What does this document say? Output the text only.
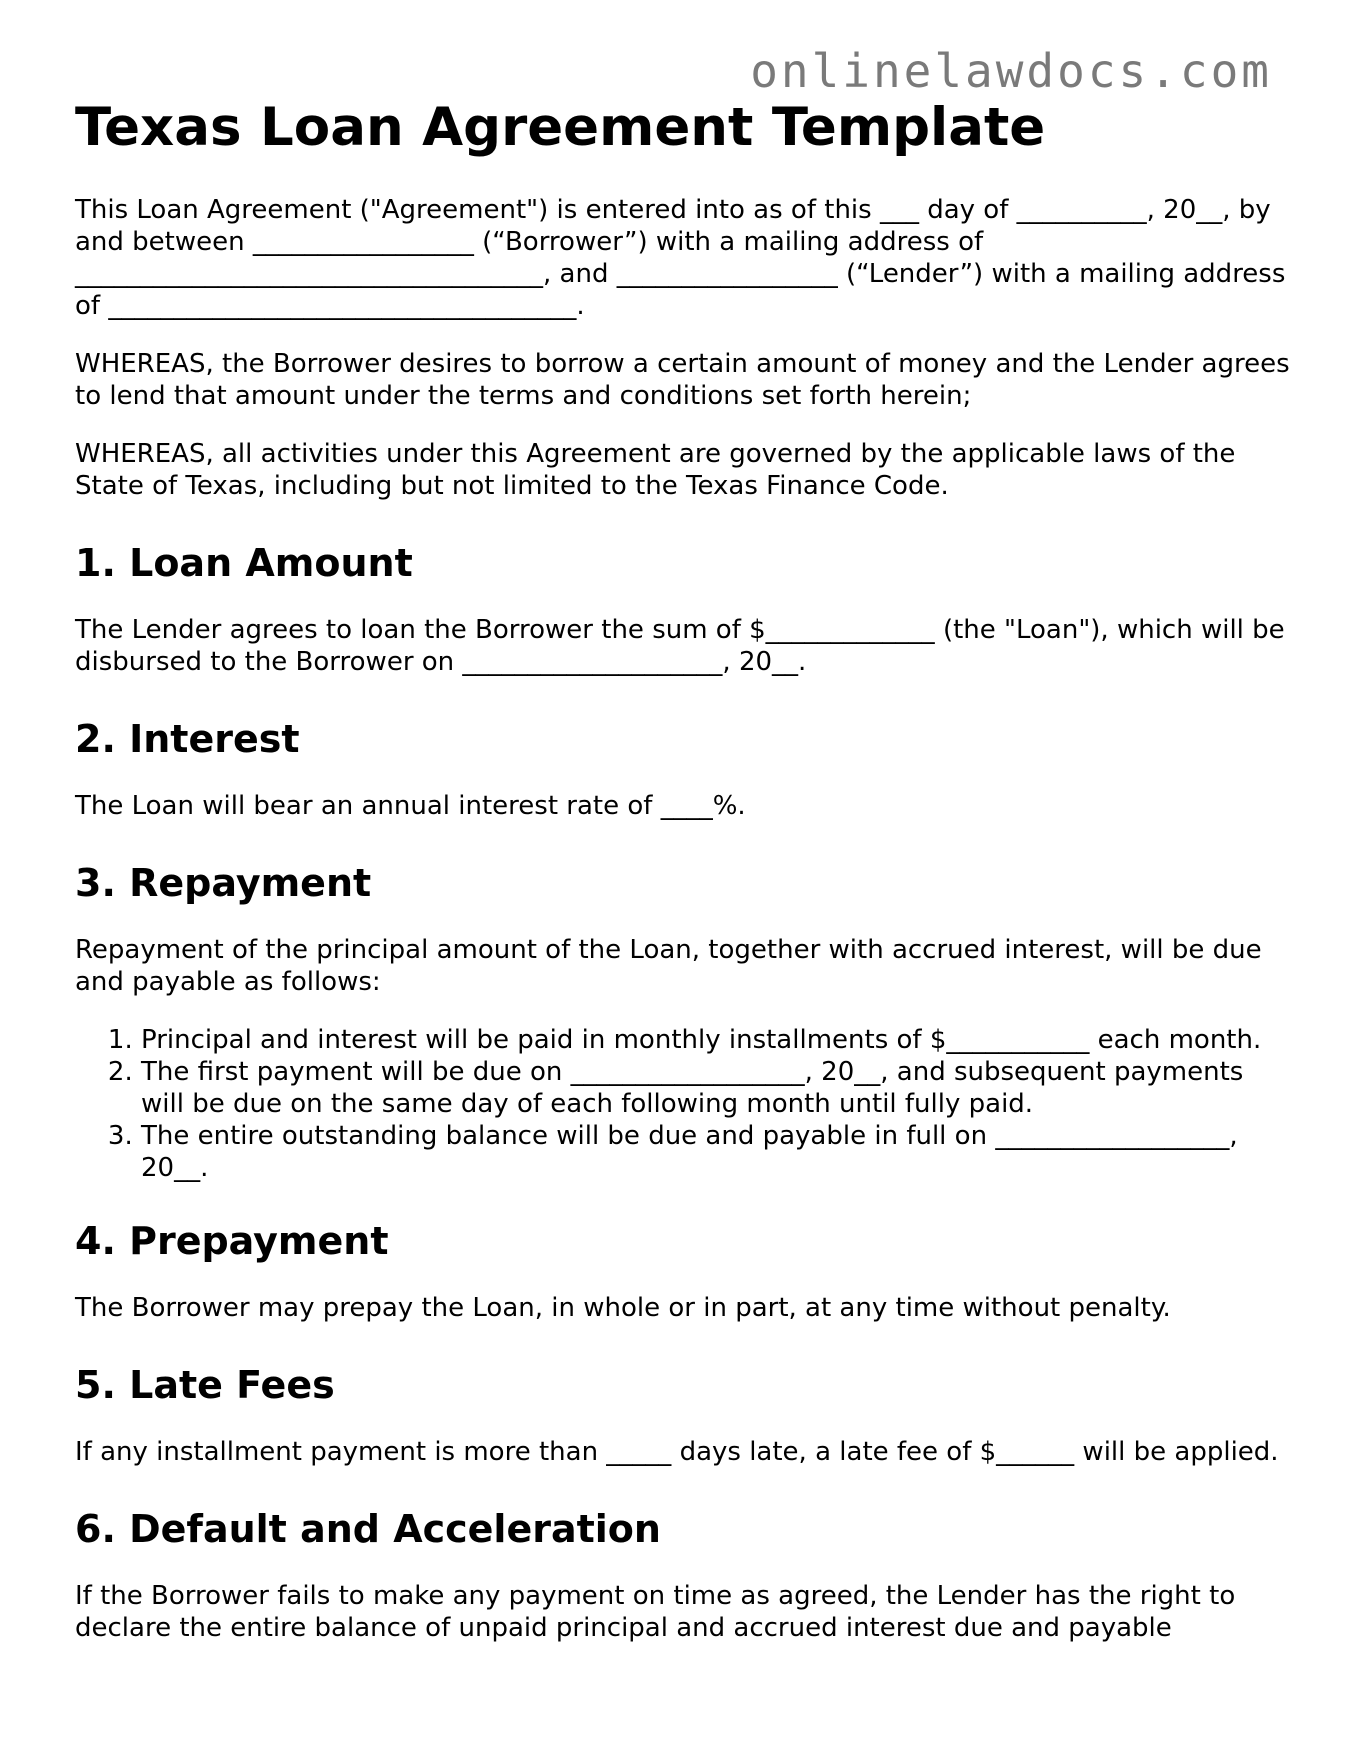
onlinelawdocs.com
Texas Loan Agreement Template

This Loan Agreement ("Agreement") is entered into as of this ___ day of __________, 20__, by and between _________________ (“Borrower”) with a mailing address of ____________________________________, and _________________ (“Lender”) with a mailing address of ____________________________________.

WHEREAS, the Borrower desires to borrow a certain amount of money and the Lender agrees to lend that amount under the terms and conditions set forth herein;

WHEREAS, all activities under this Agreement are governed by the applicable laws of the State of Texas, including but not limited to the Texas Finance Code.

1. Loan Amount

The Lender agrees to loan the Borrower the sum of $_____________ (the "Loan"), which will be disbursed to the Borrower on ____________________, 20__.

2. Interest

The Loan will bear an annual interest rate of ____%.

3. Repayment

Repayment of the principal amount of the Loan, together with accrued interest, will be due and payable as follows:

1. Principal and interest will be paid in monthly installments of $___________ each month.
2. The first payment will be due on __________________, 20__, and subsequent payments will be due on the same day of each following month until fully paid.
3. The entire outstanding balance will be due and payable in full on __________________, 20__.
4. Prepayment

The Borrower may prepay the Loan, in whole or in part, at any time without penalty.

5. Late Fees

If any installment payment is more than _____ days late, a late fee of $______ will be applied.

6. Default and Acceleration

If the Borrower fails to make any payment on time as agreed, the Lender has the right to declare the entire balance of unpaid principal and accrued interest due and payable
